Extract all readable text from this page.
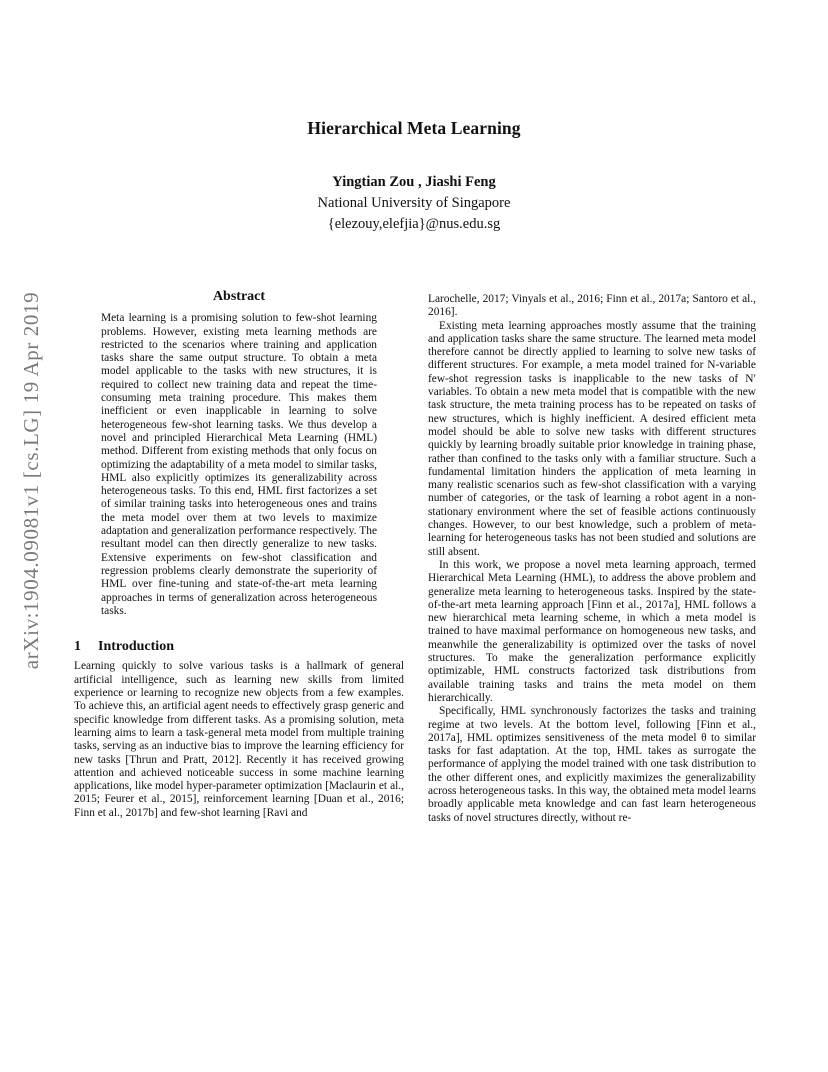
Hierarchical Meta Learning
Yingtian Zou , Jiashi Feng
National University of Singapore
{elezouy,elefjia}@nus.edu.sg
arXiv:1904.09081v1 [cs.LG] 19 Apr 2019	Abstract

Meta learning is a promising solution to few-shot learning problems. However, existing meta learning methods are restricted to the scenarios where training and application tasks share the same output structure. To obtain a meta model applicable to the tasks with new structures, it is required to collect new training data and repeat the time-consuming meta training procedure. This makes them inefficient or even inapplicable in learning to solve heterogeneous few-shot learning tasks. We thus develop a novel and principled Hierarchical Meta Learning (HML) method. Different from existing methods that only focus on optimizing the adaptability of a meta model to similar tasks, HML also explicitly optimizes its generalizability across heterogeneous tasks. To this end, HML first factorizes a set of similar training tasks into heterogeneous ones and trains the meta model over them at two levels to maximize adaptation and generalization performance respectively. The resultant model can then directly generalize to new tasks. Extensive experiments on few-shot classification and regression problems clearly demonstrate the superiority of HML over fine-tuning and state-of-the-art meta learning approaches in terms of generalization across heterogeneous tasks.

1 Introduction

Learning quickly to solve various tasks is a hallmark of general artificial intelligence, such as learning new skills from limited experience or learning to recognize new objects from a few examples. To achieve this, an artificial agent needs to effectively grasp generic and specific knowledge from different tasks. As a promising solution, meta learning aims to learn a task-general meta model from multiple training tasks, serving as an inductive bias to improve the learning efficiency for new tasks [Thrun and Pratt, 2012]. Recently it has received growing attention and achieved noticeable success in some machine learning applications, like model hyper-parameter optimization [Maclaurin et al., 2015; Feurer et al., 2015], reinforcement learning [Duan et al., 2016; Finn et al., 2017b] and few-shot learning [Ravi and

Larochelle, 2017; Vinyals et al., 2016; Finn et al., 2017a; Santoro et al., 2016].

Existing meta learning approaches mostly assume that the training and application tasks share the same structure. The learned meta model therefore cannot be directly applied to learning to solve new tasks of different structures. For example, a meta model trained for N-variable few-shot regression tasks is inapplicable to the new tasks of N′ variables. To obtain a new meta model that is compatible with the new task structure, the meta training process has to be repeated on tasks of new structures, which is highly inefficient. A desired efficient meta model should be able to solve new tasks with different structures quickly by learning broadly suitable prior knowledge in training phase, rather than confined to the tasks only with a familiar structure. Such a fundamental limitation hinders the application of meta learning in many realistic scenarios such as few-shot classification with a varying number of categories, or the task of learning a robot agent in a non-stationary environment where the set of feasible actions continuously changes. However, to our best knowledge, such a problem of meta-learning for heterogeneous tasks has not been studied and solutions are still absent.

In this work, we propose a novel meta learning approach, termed Hierarchical Meta Learning (HML), to address the above problem and generalize meta learning to heterogeneous tasks. Inspired by the state-of-the-art meta learning approach [Finn et al., 2017a], HML follows a new hierarchical meta learning scheme, in which a meta model is trained to have maximal performance on homogeneous new tasks, and meanwhile the generalizability is optimized over the tasks of novel structures. To make the generalization performance explicitly optimizable, HML constructs factorized task distributions from available training tasks and trains the meta model on them hierarchically.

Specifically, HML synchronously factorizes the tasks and training regime at two levels. At the bottom level, following [Finn et al., 2017a], HML optimizes sensitiveness of the meta model θ to similar tasks for fast adaptation. At the top, HML takes as surrogate the performance of applying the model trained with one task distribution to the other different ones, and explicitly maximizes the generalizability across heterogeneous tasks. In this way, the obtained meta model learns broadly applicable meta knowledge and can fast learn heterogeneous tasks of novel structures directly, without re-
